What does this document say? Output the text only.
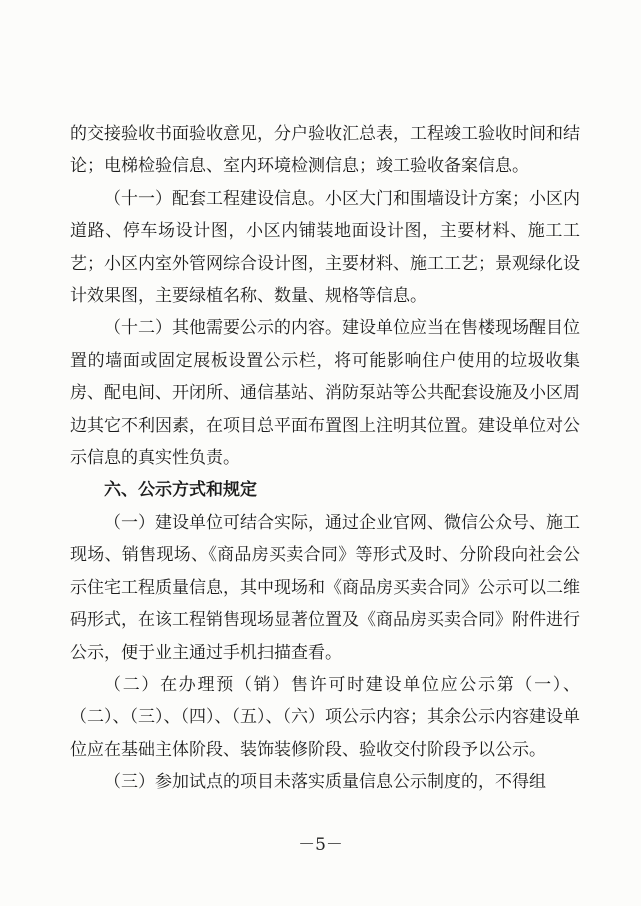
的交接验收书面验收意见，分户验收汇总表，工程竣工验收时间和结论；电梯检验信息、室内环境检测信息；竣工验收备案信息。

（十一）配套工程建设信息。小区大门和围墙设计方案；小区内道路、停车场设计图，小区内铺装地面设计图，主要材料、施工工艺；小区内室外管网综合设计图，主要材料、施工工艺；景观绿化设计效果图，主要绿植名称、数量、规格等信息。

（十二）其他需要公示的内容。建设单位应当在售楼现场醒目位置的墙面或固定展板设置公示栏，将可能影响住户使用的垃圾收集房、配电间、开闭所、通信基站、消防泵站等公共配套设施及小区周边其它不利因素，在项目总平面布置图上注明其位置。建设单位对公示信息的真实性负责。

六、公示方式和规定

（一）建设单位可结合实际，通过企业官网、微信公众号、施工现场、销售现场、《商品房买卖合同》等形式及时、分阶段向社会公示住宅工程质量信息，其中现场和《商品房买卖合同》公示可以二维码形式，在该工程销售现场显著位置及《商品房买卖合同》附件进行公示，便于业主通过手机扫描查看。

（二）在办理预（销）售许可时建设单位应公示第（一）、（二）、（三）、（四）、（五）、（六）项公示内容；其余公示内容建设单位应在基础主体阶段、装饰装修阶段、验收交付阶段予以公示。

（三）参加试点的项目未落实质量信息公示制度的，不得组

－5－
